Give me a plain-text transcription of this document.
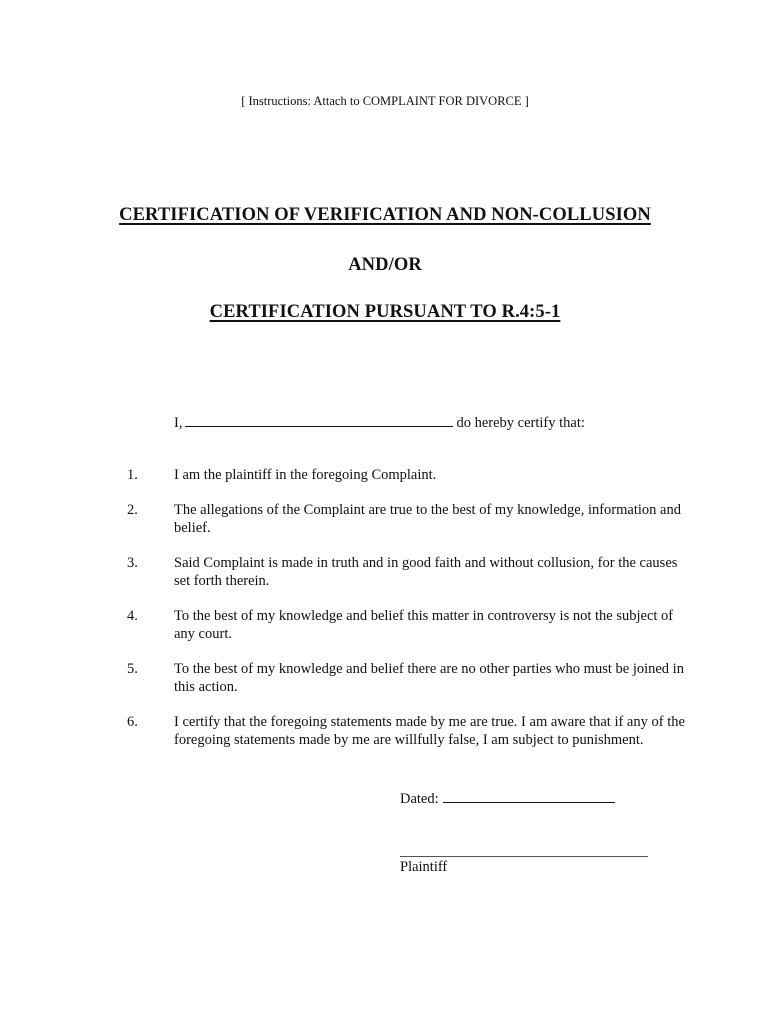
[ Instructions: Attach to COMPLAINT FOR DIVORCE ]
CERTIFICATION OF VERIFICATION AND NON-COLLUSION
AND/OR
CERTIFICATION PURSUANT TO R.4:5-1
I,	do hereby certify that:
1. I am the plaintiff in the foregoing Complaint.
2. The allegations of the Complaint are true to the best of my knowledge, information and belief.
3. Said Complaint is made in truth and in good faith and without collusion, for the causes set forth therein.
4. To the best of my knowledge and belief this matter in controversy is not the subject of any court.
5. To the best of my knowledge and belief there are no other parties who must be joined in this action.
6. I certify that the foregoing statements made by me are true. I am aware that if any of the foregoing statements made by me are willfully false, I am subject to punishment.
Dated:
Plaintiff
